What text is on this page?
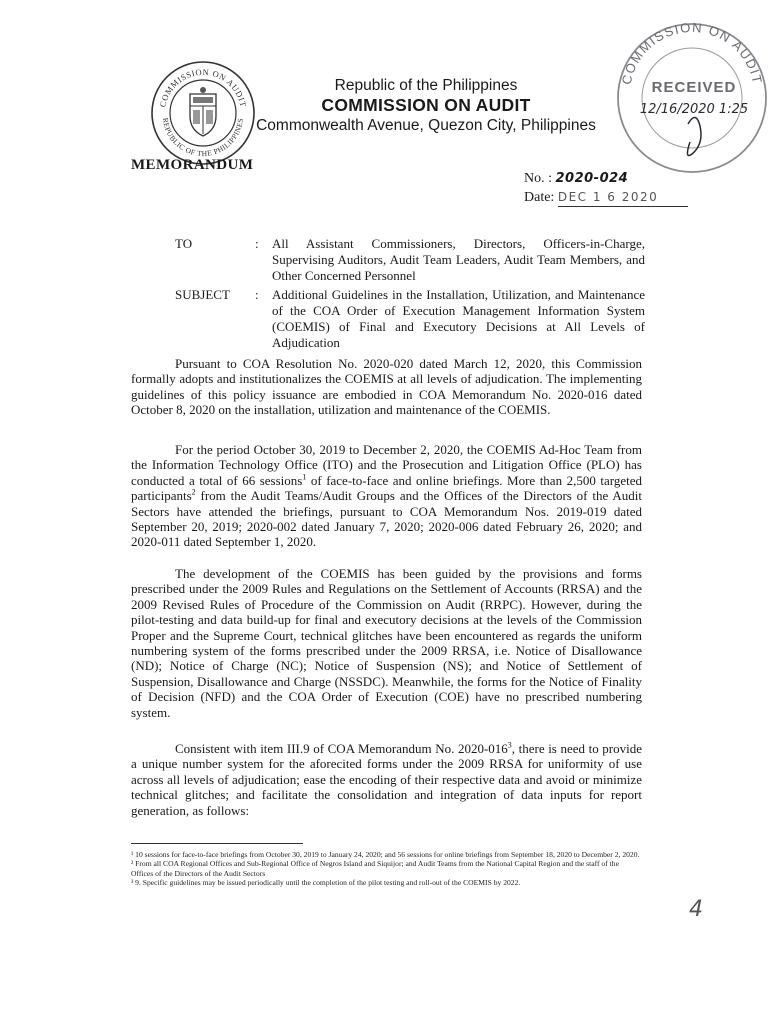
COMMISSION ON AUDIT
REPUBLIC OF THE PHILIPPINES
Republic of the Philippines
COMMISSION ON AUDIT
Commonwealth Avenue, Quezon City, Philippines
COMMISSION ON AUDIT
RECEIVED
12/16/2020 1:25
MEMORANDUM
No. : 2020-024
Date: DEC 1 6 2020
TO	: All Assistant Commissioners, Directors, Officers-in-Charge, Supervising Auditors, Audit Team Leaders, Audit Team Members, and Other Concerned Personnel
SUBJECT	: Additional Guidelines in the Installation, Utilization, and Maintenance of the COA Order of Execution Management Information System (COEMIS) of Final and Executory Decisions at All Levels of Adjudication

Pursuant to COA Resolution No. 2020-020 dated March 12, 2020, this Commission formally adopts and institutionalizes the COEMIS at all levels of adjudication. The implementing guidelines of this policy issuance are embodied in COA Memorandum No. 2020-016 dated October 8, 2020 on the installation, utilization and maintenance of the COEMIS.

For the period October 30, 2019 to December 2, 2020, the COEMIS Ad-Hoc Team from the Information Technology Office (ITO) and the Prosecution and Litigation Office (PLO) has conducted a total of 66 sessions$^1$ of face-to-face and online briefings. More than 2,500 targeted participants$^2$ from the Audit Teams/Audit Groups and the Offices of the Directors of the Audit Sectors have attended the briefings, pursuant to COA Memorandum Nos. 2019-019 dated September 20, 2019; 2020-002 dated January 7, 2020; 2020-006 dated February 26, 2020; and 2020-011 dated September 1, 2020.

The development of the COEMIS has been guided by the provisions and forms prescribed under the 2009 Rules and Regulations on the Settlement of Accounts (RRSA) and the 2009 Revised Rules of Procedure of the Commission on Audit (RRPC). However, during the pilot-testing and data build-up for final and executory decisions at the levels of the Commission Proper and the Supreme Court, technical glitches have been encountered as regards the uniform numbering system of the forms prescribed under the 2009 RRSA, i.e. Notice of Disallowance (ND); Notice of Charge (NC); Notice of Suspension (NS); and Notice of Settlement of Suspension, Disallowance and Charge (NSSDC). Meanwhile, the forms for the Notice of Finality of Decision (NFD) and the COA Order of Execution (COE) have no prescribed numbering system.

Consistent with item III.9 of COA Memorandum No. $2020-016^3$, there is need to provide a unique number system for the aforecited forms under the 2009 RRSA for uniformity of use across all levels of adjudication; ease the encoding of their respective data and avoid or minimize technical glitches; and facilitate the consolidation and integration of data inputs for report generation, as follows:

¹ 10 sessions for face-to-face briefings from October 30, 2019 to January 24, 2020; and 56 sessions for online briefings from September 18, 2020 to December 2, 2020.

² From all COA Regional Offices and Sub-Regional Office of Negros Island and Siquijor; and Audit Teams from the National Capital Region and the staff of the Offices of the Directors of the Audit Sectors

³ 9. Specific guidelines may be issued periodically until the completion of the pilot testing and roll-out of the COEMIS by 2022.

4
